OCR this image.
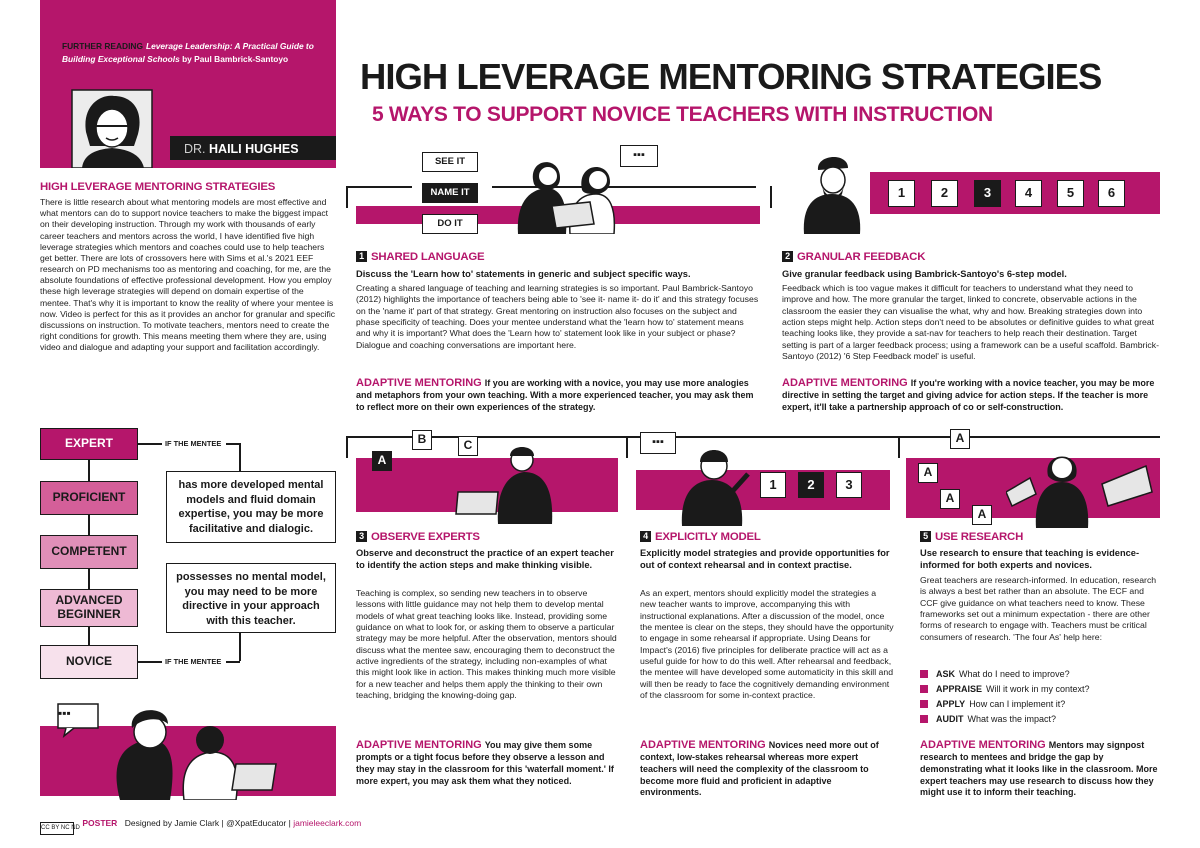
FURTHER READING Leverage Leadership: A Practical Guide to Building Exceptional Schools by Paul Bambrick-Santoyo
DR. HAILI HUGHES
HIGH LEVERAGE MENTORING STRATEGIES
5 WAYS TO SUPPORT NOVICE TEACHERS WITH INSTRUCTION
HIGH LEVERAGE MENTORING STRATEGIES

There is little research about what mentoring models are most effective and what mentors can do to support novice teachers to make the biggest impact on their developing instruction. Through my work with thousands of early career teachers and mentors across the world, I have identified five high leverage strategies which mentors and coaches could use to help teachers get better. There are lots of crossovers here with Sims et al.'s 2021 EEF research on PD mechanisms too as mentoring and coaching, for me, are the absolute foundations of effective professional development. How you employ these high leverage strategies will depend on domain expertise of the mentee. That's why it is important to know the reality of where your mentee is now. Video is perfect for this as it provides an anchor for granular and specific discussions on instruction. To motivate teachers, mentors need to create the right conditions for growth. This means meeting them where they are, using video and dialogue and adapting your support and facilitation accordingly.

EXPERT
PROFICIENT
COMPETENT
ADVANCED BEGINNER
NOVICE
IF THE MENTEE
has more developed mental models and fluid domain expertise, you may be more facilitative and dialogic.
possesses no mental model, you may need to be more directive in your approach with this teacher.
IF THE MENTEE
▪▪▪
SEE IT
NAME IT
DO IT
▪▪▪
1 SHARED LANGUAGE

Discuss the 'Learn how to' statements in generic and subject specific ways.

Creating a shared language of teaching and learning strategies is so important. Paul Bambrick-Santoyo (2012) highlights the importance of teachers being able to 'see it- name it- do it' and this strategy focuses on the 'name it' part of that strategy. Great mentoring on instruction also focuses on the subject and phase specificity of teaching. Does your mentee understand what the 'learn how to' statement means and why it is important? What does the 'Learn how to' statement look like in your subject or phase? Dialogue and coaching conversations are important here.

ADAPTIVE MENTORING If you are working with a novice, you may use more analogies and metaphors from your own teaching. With a more experienced teacher, you may ask them to reflect more on their own experiences of the strategy.

1	2	3	4	5	6
2 GRANULAR FEEDBACK

Give granular feedback using Bambrick-Santoyo's 6-step model.

Feedback which is too vague makes it difficult for teachers to understand what they need to improve and how. The more granular the target, linked to concrete, observable actions in the classroom the easier they can visualise the what, why and how. Breaking strategies down into action steps might help. Action steps don't need to be absolutes or definitive guides to what great teaching looks like, they provide a sat-nav for teachers to help reach their destination. Target setting is part of a larger feedback process; using a framework can be a useful scaffold. Bambrick-Santoyo (2012) '6 Step Feedback model' is useful.

ADAPTIVE MENTORING If you're working with a novice teacher, you may be more directive in setting the target and giving advice for action steps. If the teacher is more expert, it'll take a partnership approach of co or self-construction.

A
B	C
3 OBSERVE EXPERTS

Observe and deconstruct the practice of an expert teacher to identify the action steps and make thinking visible.

Teaching is complex, so sending new teachers in to observe lessons with little guidance may not help them to develop mental models of what great teaching looks like. Instead, providing some guidance on what to look for, or asking them to observe a particular strategy may be more helpful. After the observation, mentors should discuss what the mentee saw, encouraging them to deconstruct the active ingredients of the strategy, including non-examples of what this might look like in action. This makes thinking much more visible for a new teacher and helps them apply the thinking to their own teaching, bridging the knowing-doing gap.

ADAPTIVE MENTORING You may give them some prompts or a tight focus before they observe a lesson and they may stay in the classroom for this 'waterfall moment.' If more expert, you may ask them what they noticed.

▪▪▪
1	2	3
4 EXPLICITLY MODEL

Explicitly model strategies and provide opportunities for out of context rehearsal and in context practise.

As an expert, mentors should explicitly model the strategies a new teacher wants to improve, accompanying this with instructional explanations. After a discussion of the model, once the mentee is clear on the steps, they should have the opportunity to engage in some rehearsal if appropriate. Using Deans for Impact's (2016) five principles for deliberate practice will act as a useful guide for how to do this well. After rehearsal and feedback, the mentee will have developed some automaticity in this skill and will then be ready to face the cognitively demanding environment of the classroom for some in-context practice.

ADAPTIVE MENTORING Novices need more out of context, low-stakes rehearsal whereas more expert teachers will need the complexity of the classroom to become more fluid and proficient in adaptive environments.

A
A
A
A
5 USE RESEARCH

Use research to ensure that teaching is evidence-informed for both experts and novices.

Great teachers are research-informed. In education, research is always a best bet rather than an absolute. The ECF and CCF give guidance on what teachers need to know. These frameworks set out a minimum expectation - there are other forms of research to engage with. Teachers must be critical consumers of research. 'The four As' help here:

ASK What do I need to improve?
APPRAISE Will it work in my context?
APPLY How can I implement it?
AUDIT What was the impact?

ADAPTIVE MENTORING Mentors may signpost research to mentees and bridge the gap by demonstrating what it looks like in the classroom. More expert teachers may use research to discuss how they might use it to inform their teaching.

CC BY NC ND POSTER Designed by Jamie Clark | @XpatEducator | jamieleeclark.com
